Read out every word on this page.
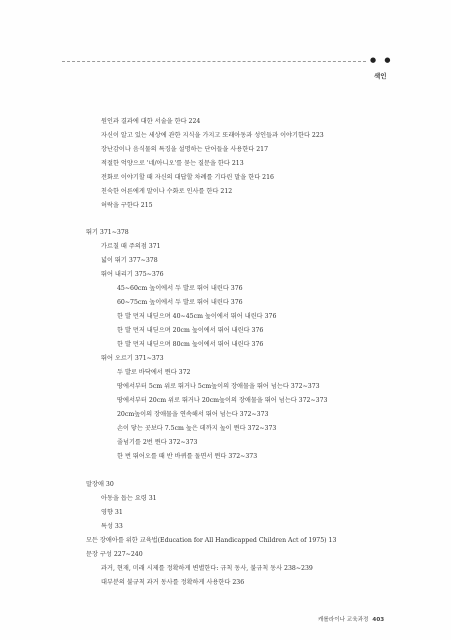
● ●
색인
원인과 결과에 대한 서술을 한다 224
자신이 알고 있는 세상에 관한 지식을 가지고 또래아동과 성인들과 이야기한다 223
장난감이나 음식물의 특징을 설명하는 단어들을 사용한다 217
적절한 억양으로 '네/아니오'를 묻는 질문을 한다 213
전화로 이야기할 때 자신의 대답할 차례를 기다린 말을 한다 216
친숙한 어른에게 말이나 수화로 인사를 한다 212
허락을 구한다 215
뛰기 371~378
가르칠 때 주의점 371
넓이 뛰기 377~378
뛰어 내리기 375~376
45~60cm 높이에서 두 발로 뛰어 내린다 376
60~75cm 높이에서 두 발로 뛰어 내린다 376
한 발 먼저 내딛으며 40~45cm 높이에서 뛰어 내린다 376
한 발 먼저 내딛으며 20cm 높이에서 뛰어 내린다 376
한 발 먼저 내딛으며 80cm 높이에서 뛰어 내린다 376
뛰어 오르기 371~373
두 발로 바닥에서 뛴다 372
땅에서부터 5cm 위로 뛰거나 5cm높이의 장애물을 뛰어 넘는다 372~373
땅에서부터 20cm 위로 뛰거나 20cm높이의 장애물을 뛰어 넘는다 372~373
20cm높이의 장애물을 연속해서 뛰어 넘는다 372~373
손이 닿는 곳보다 7.5cm 높은 데까지 높이 뛴다 372~373
줄넘기를 2번 뛴다 372~373
한 번 뛰어오를 때 반 바퀴를 돌면서 뛴다 372~373
말장애 30
아동을 돕는 요령 31
영향 31
특성 33
모든 장애아를 위한 교육법(Education for All Handicapped Children Act of 1975) 13
문장 구성 227~240
과거, 현재, 미래 시제를 정확하게 변별한다: 규칙 동사, 불규칙 동사 238~239
대부분의 불규칙 과거 동사를 정확하게 사용한다 236
캐롤라이나 교육과정 403
